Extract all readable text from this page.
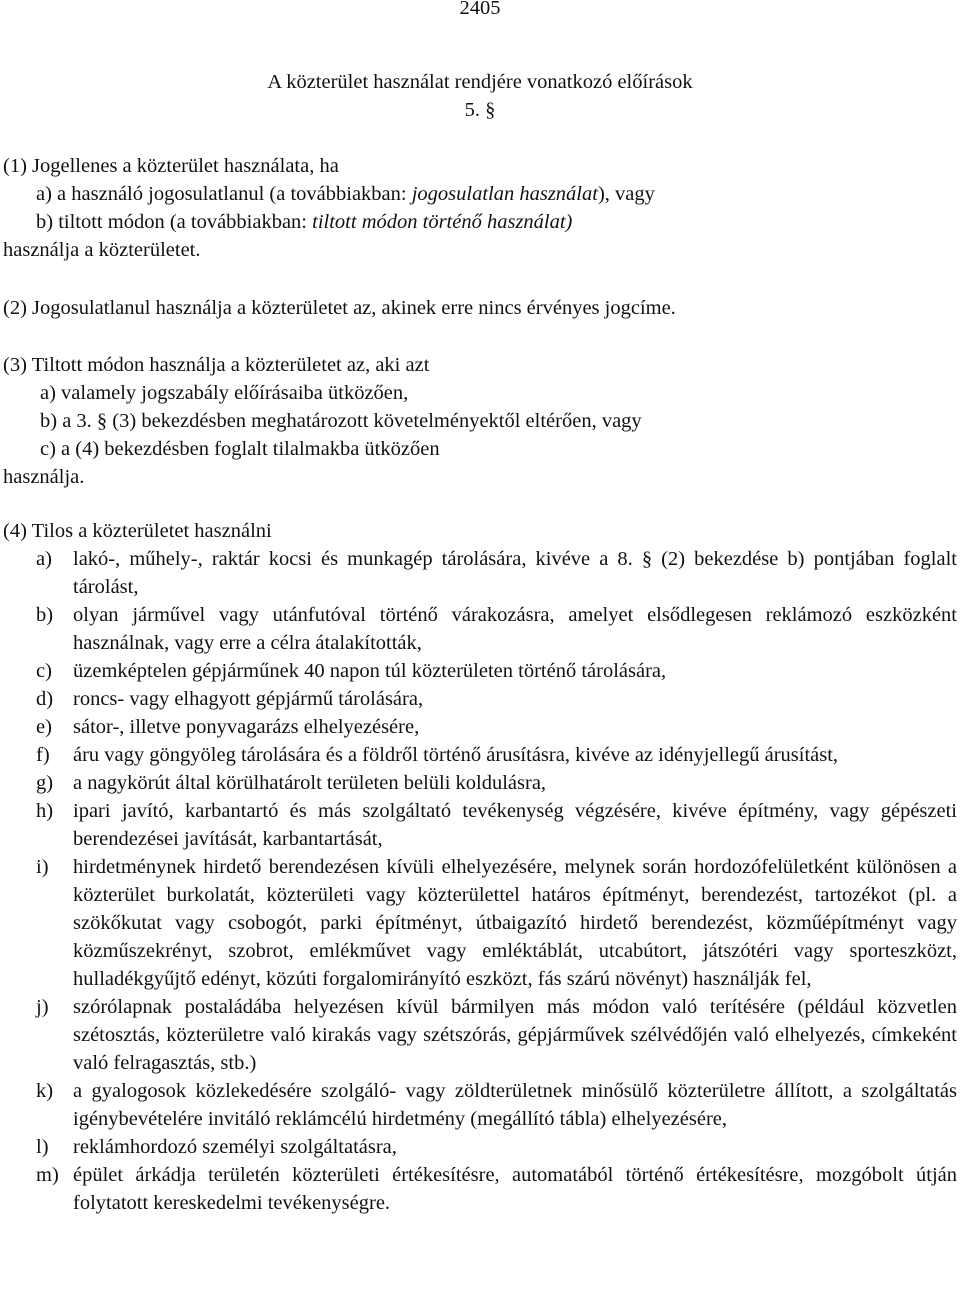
2405
A közterület használat rendjére vonatkozó előírások
5. §
(1) Jogellenes a közterület használata, ha
a) a használó jogosulatlanul (a továbbiakban: jogosulatlan használat), vagy
b) tiltott módon (a továbbiakban: tiltott módon történő használat)
használja a közterületet.
(2) Jogosulatlanul használja a közterületet az, akinek erre nincs érvényes jogcíme.
(3) Tiltott módon használja a közterületet az, aki azt
a) valamely jogszabály előírásaiba ütközően,
b) a 3. § (3) bekezdésben meghatározott követelményektől eltérően, vagy
c) a (4) bekezdésben foglalt tilalmakba ütközően
használja.
(4) Tilos a közterületet használni
a) lakó-, műhely-, raktár kocsi és munkagép tárolására, kivéve a 8. § (2) bekezdése b) pontjában foglalt tárolást,
b) olyan járművel vagy utánfutóval történő várakozásra, amelyet elsődlegesen reklámozó eszközként használnak, vagy erre a célra átalakították,
c) üzemképtelen gépjárműnek 40 napon túl közterületen történő tárolására,
d) roncs- vagy elhagyott gépjármű tárolására,
e) sátor-, illetve ponyvagarázs elhelyezésére,
f) áru vagy göngyöleg tárolására és a földről történő árusításra, kivéve az idényjellegű árusítást,
g) a nagykörút által körülhatárolt területen belüli koldulásra,
h) ipari javító, karbantartó és más szolgáltató tevékenység végzésére, kivéve építmény, vagy gépészeti berendezései javítását, karbantartását,
i) hirdetménynek hirdető berendezésen kívüli elhelyezésére, melynek során hordozófelületként különösen a közterület burkolatát, közterületi vagy közterülettel határos építményt, berendezést, tartozékot (pl. a szökőkutat vagy csobogót, parki építményt, útbaigazító hirdető berendezést, közműépítményt vagy közműszekrényt, szobrot, emlékművet vagy emléktáblát, utcabútort, játszótéri vagy sporteszközt, hulladékgyűjtő edényt, közúti forgalomirányító eszközt, fás szárú növényt) használják fel,
j) szórólapnak postaládába helyezésen kívül bármilyen más módon való terítésére (például közvetlen szétosztás, közterületre való kirakás vagy szétszórás, gépjárművek szélvédőjén való elhelyezés, címkeként való felragasztás, stb.)
k) a gyalogosok közlekedésére szolgáló- vagy zöldterületnek minősülő közterületre állított, a szolgáltatás igénybevételére invitáló reklámcélú hirdetmény (megállító tábla) elhelyezésére,
l) reklámhordozó személyi szolgáltatásra,
m) épület árkádja területén közterületi értékesítésre, automatából történő értékesítésre, mozgóbolt útján folytatott kereskedelmi tevékenységre.
